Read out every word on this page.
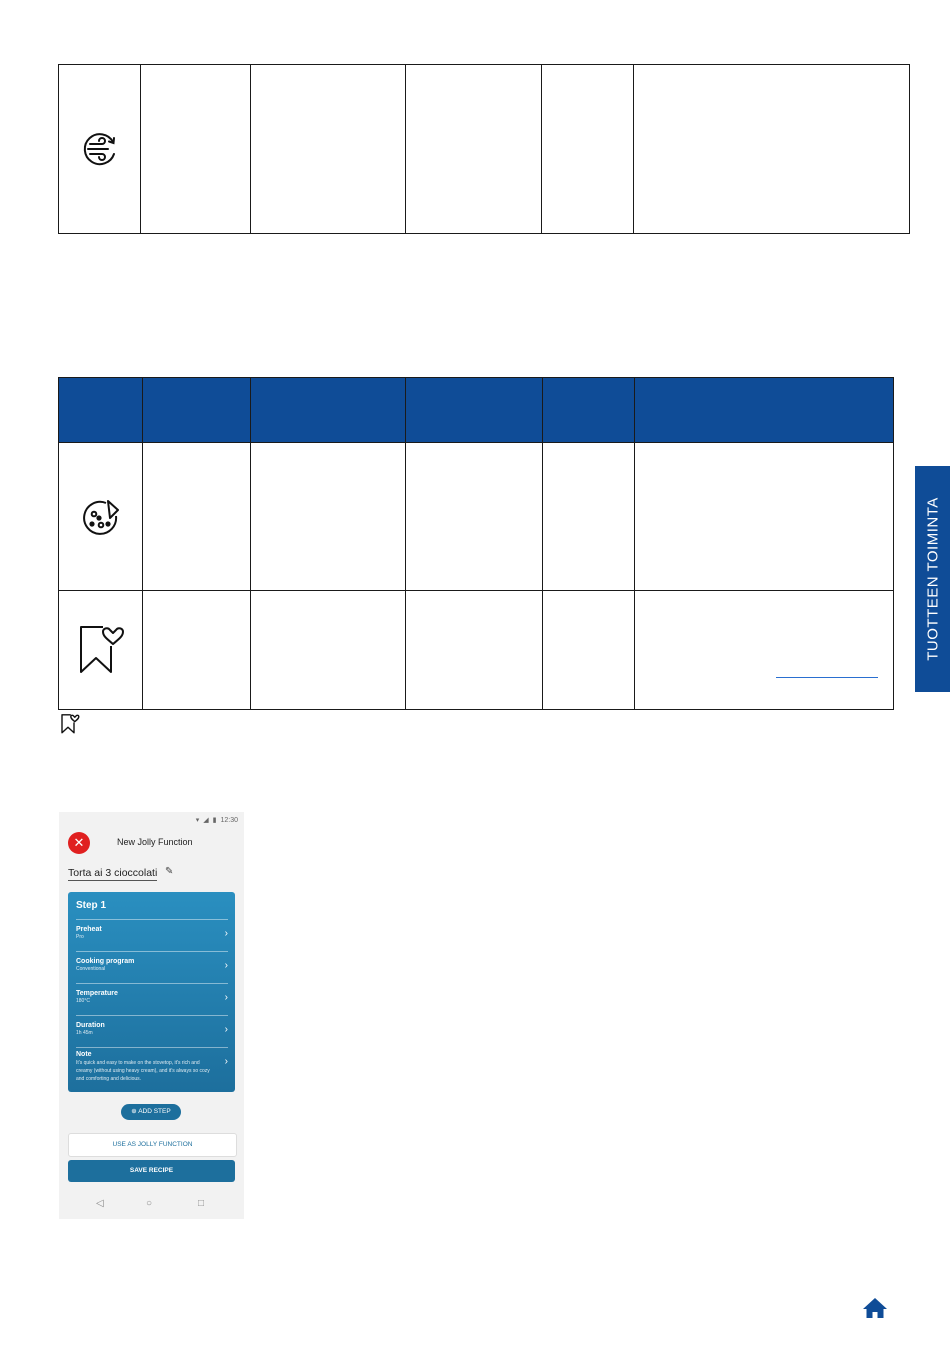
TUOTTEEN TOIMINTA
▾ ◢ ▮ 12:30
✕	New Jolly Function
Torta ai 3 cioccolati ✎
Step 1
Preheat
Pro	›
Cooking program
Conventional	›
Temperature
180°C	›
Duration
1h 45m	›
Note
It's quick and easy to make on the stovetop, it's rich and creamy (without using heavy cream), and it's always so cozy and comforting and delicious.
›
⊕ ADD STEP
USE AS JOLLY FUNCTION
SAVE RECIPE
◁	○	□
